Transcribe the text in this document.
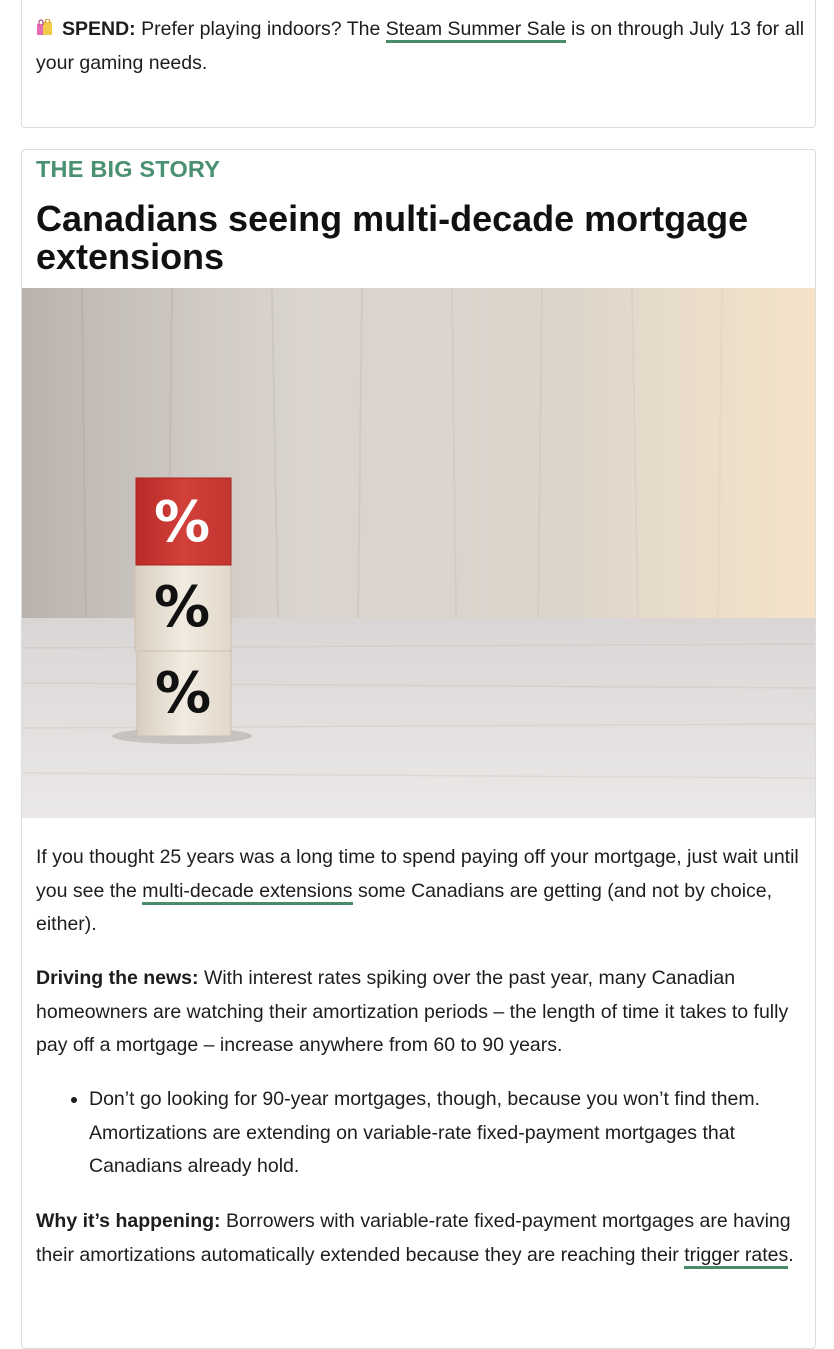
SPEND: Prefer playing indoors? The Steam Summer Sale is on through July 13 for all your gaming needs.

THE BIG STORY
Canadians seeing multi-decade mortgage extensions
%
%
%

If you thought 25 years was a long time to spend paying off your mortgage, just wait until you see the multi-decade extensions some Canadians are getting (and not by choice, either).

Driving the news: With interest rates spiking over the past year, many Canadian homeowners are watching their amortization periods – the length of time it takes to fully pay off a mortgage – increase anywhere from 60 to 90 years.

• Don’t go looking for 90-year mortgages, though, because you won’t find them. Amortizations are extending on variable-rate fixed-payment mortgages that Canadians already hold.

Why it’s happening: Borrowers with variable-rate fixed-payment mortgages are having their amortizations automatically extended because they are reaching their trigger rates.
